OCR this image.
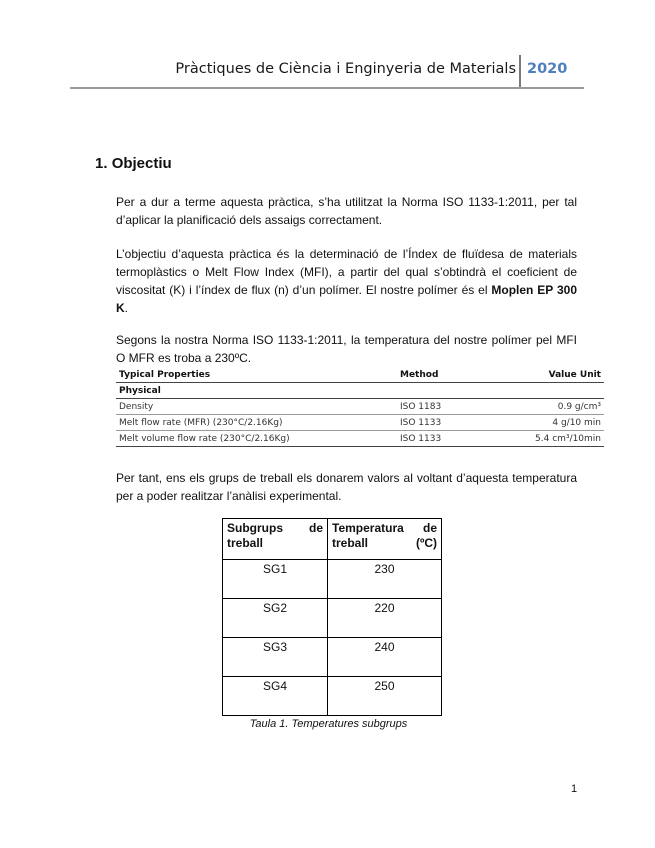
Pràctiques de Ciència i Enginyeria de Materials 2020
1. Objectiu

Per a dur a terme aquesta pràctica, s’ha utilitzat la Norma ISO 1133-1:2011, per tal d’aplicar la planificació dels assaigs correctament.

L’objectiu d’aquesta pràctica és la determinació de l’Índex de fluïdesa de materials termoplàstics o Melt Flow Index (MFI), a partir del qual s’obtindrà el coeficient de viscositat (K) i l’índex de flux (n) d’un polímer. El nostre polímer és el Moplen EP 300 K.

Segons la nostra Norma ISO 1133-1:2011, la temperatura del nostre polímer pel MFI O MFR es troba a 230ºC.

Typical Properties	Method	Value Unit
Physical		
Density	ISO 1183	0.9 g/cm³
Melt flow rate (MFR) (230°C/2.16Kg)	ISO 1133	4 g/10 min
Melt volume flow rate (230°C/2.16Kg)	ISO 1133	5.4 cm³/10min

Per tant, ens els grups de treball els donarem valors al voltant d’aquesta temperatura per a poder realitzar l’anàlisi experimental.

Subgrups de treball	Temperatura de treball (ºC)
SG1	230
SG2	220
SG3	240
SG4	250
Taula 1. Temperatures subgrups
1
